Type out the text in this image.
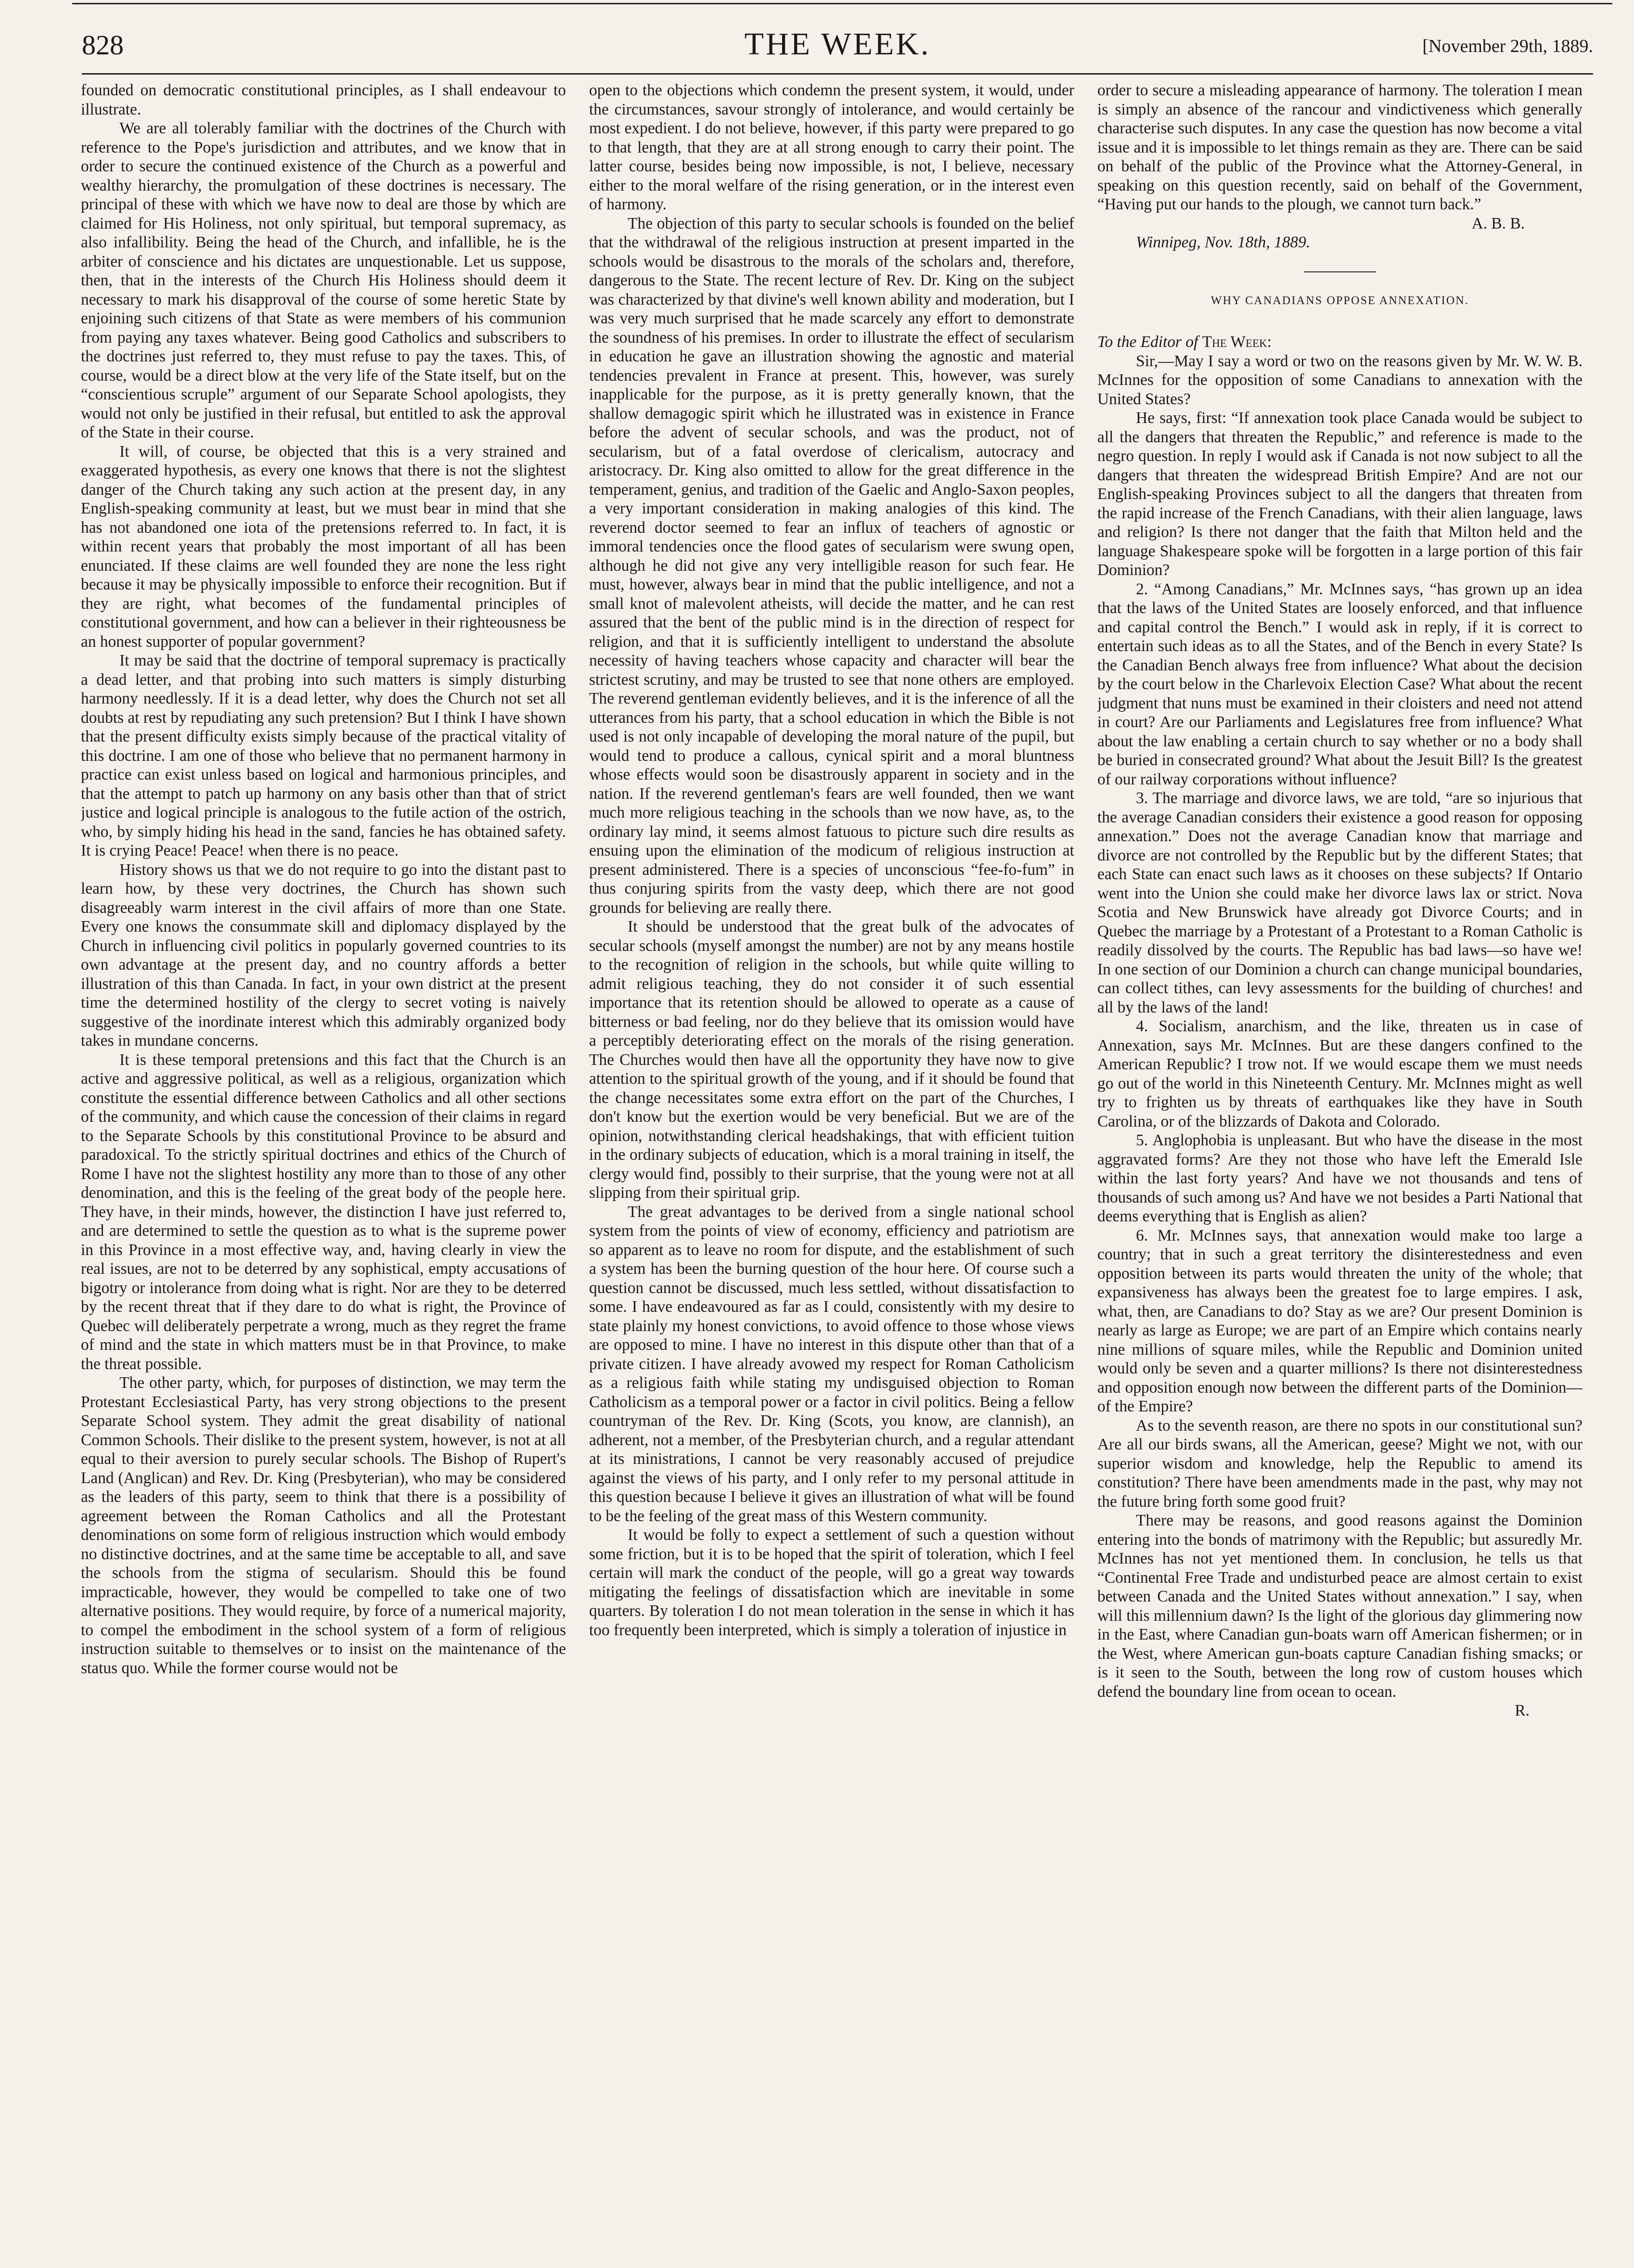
828	THE WEEK.	[November 29th, 1889.

founded on democratic constitutional principles, as I shall endeavour to illustrate.

We are all tolerably familiar with the doctrines of the Church with reference to the Pope's jurisdiction and attributes, and we know that in order to secure the continued existence of the Church as a powerful and wealthy hierarchy, the promulgation of these doctrines is necessary. The principal of these with which we have now to deal are those by which are claimed for His Holiness, not only spiritual, but temporal supremacy, as also infallibility. Being the head of the Church, and infallible, he is the arbiter of conscience and his dictates are unquestionable. Let us suppose, then, that in the interests of the Church His Holiness should deem it necessary to mark his disapproval of the course of some heretic State by enjoining such citizens of that State as were members of his communion from paying any taxes whatever. Being good Catholics and subscribers to the doctrines just referred to, they must refuse to pay the taxes. This, of course, would be a direct blow at the very life of the State itself, but on the “conscientious scruple” argument of our Separate School apologists, they would not only be justified in their refusal, but entitled to ask the approval of the State in their course.

It will, of course, be objected that this is a very strained and exaggerated hypothesis, as every one knows that there is not the slightest danger of the Church taking any such action at the present day, in any English-speaking community at least, but we must bear in mind that she has not abandoned one iota of the pretensions referred to. In fact, it is within recent years that probably the most important of all has been enunciated. If these claims are well founded they are none the less right because it may be physically impossible to enforce their recognition. But if they are right, what becomes of the fundamental principles of constitutional government, and how can a believer in their righteousness be an honest supporter of popular government?

It may be said that the doctrine of temporal supremacy is practically a dead letter, and that probing into such matters is simply disturbing harmony needlessly. If it is a dead letter, why does the Church not set all doubts at rest by repudiating any such pretension? But I think I have shown that the present difficulty exists simply because of the practical vitality of this doctrine. I am one of those who believe that no permanent harmony in practice can exist unless based on logical and harmonious principles, and that the attempt to patch up harmony on any basis other than that of strict justice and logical principle is analogous to the futile action of the ostrich, who, by simply hiding his head in the sand, fancies he has obtained safety. It is crying Peace! Peace! when there is no peace.

History shows us that we do not require to go into the distant past to learn how, by these very doctrines, the Church has shown such disagreeably warm interest in the civil affairs of more than one State. Every one knows the consummate skill and diplomacy displayed by the Church in influencing civil politics in popularly governed countries to its own advantage at the present day, and no country affords a better illustration of this than Canada. In fact, in your own district at the present time the determined hostility of the clergy to secret voting is naively suggestive of the inordinate interest which this admirably organized body takes in mundane concerns.

It is these temporal pretensions and this fact that the Church is an active and aggressive political, as well as a religious, organization which constitute the essential difference between Catholics and all other sections of the community, and which cause the concession of their claims in regard to the Separate Schools by this constitutional Province to be absurd and paradoxical. To the strictly spiritual doctrines and ethics of the Church of Rome I have not the slightest hostility any more than to those of any other denomination, and this is the feeling of the great body of the people here. They have, in their minds, however, the distinction I have just referred to, and are determined to settle the question as to what is the supreme power in this Province in a most effective way, and, having clearly in view the real issues, are not to be deterred by any sophistical, empty accusations of bigotry or intolerance from doing what is right. Nor are they to be deterred by the recent threat that if they dare to do what is right, the Province of Quebec will deliberately perpetrate a wrong, much as they regret the frame of mind and the state in which matters must be in that Province, to make the threat possible.

The other party, which, for purposes of distinction, we may term the Protestant Ecclesiastical Party, has very strong objections to the present Separate School system. They admit the great disability of national Common Schools. Their dislike to the present system, however, is not at all equal to their aversion to purely secular schools. The Bishop of Rupert's Land (Anglican) and Rev. Dr. King (Presbyterian), who may be considered as the leaders of this party, seem to think that there is a possibility of agreement between the Roman Catholics and all the Protestant denominations on some form of religious instruction which would embody no distinctive doctrines, and at the same time be acceptable to all, and save the schools from the stigma of secularism. Should this be found impracticable, however, they would be compelled to take one of two alternative positions. They would require, by force of a numerical majority, to compel the embodiment in the school system of a form of religious instruction suitable to themselves or to insist on the maintenance of the status quo. While the former course would not be

open to the objections which condemn the present system, it would, under the circumstances, savour strongly of intolerance, and would certainly be most expedient. I do not believe, however, if this party were prepared to go to that length, that they are at all strong enough to carry their point. The latter course, besides being now impossible, is not, I believe, necessary either to the moral welfare of the rising generation, or in the interest even of harmony.

The objection of this party to secular schools is founded on the belief that the withdrawal of the religious instruction at present imparted in the schools would be disastrous to the morals of the scholars and, therefore, dangerous to the State. The recent lecture of Rev. Dr. King on the subject was characterized by that divine's well known ability and moderation, but I was very much surprised that he made scarcely any effort to demonstrate the soundness of his premises. In order to illustrate the effect of secularism in education he gave an illustration showing the agnostic and material tendencies prevalent in France at present. This, however, was surely inapplicable for the purpose, as it is pretty generally known, that the shallow demagogic spirit which he illustrated was in existence in France before the advent of secular schools, and was the product, not of secularism, but of a fatal overdose of clericalism, autocracy and aristocracy. Dr. King also omitted to allow for the great difference in the temperament, genius, and tradition of the Gaelic and Anglo-Saxon peoples, a very important consideration in making analogies of this kind. The reverend doctor seemed to fear an influx of teachers of agnostic or immoral tendencies once the flood gates of secularism were swung open, although he did not give any very intelligible reason for such fear. He must, however, always bear in mind that the public intelligence, and not a small knot of malevolent atheists, will decide the matter, and he can rest assured that the bent of the public mind is in the direction of respect for religion, and that it is sufficiently intelligent to understand the absolute necessity of having teachers whose capacity and character will bear the strictest scrutiny, and may be trusted to see that none others are employed. The reverend gentleman evidently believes, and it is the inference of all the utterances from his party, that a school education in which the Bible is not used is not only incapable of developing the moral nature of the pupil, but would tend to produce a callous, cynical spirit and a moral bluntness whose effects would soon be disastrously apparent in society and in the nation. If the reverend gentleman's fears are well founded, then we want much more religious teaching in the schools than we now have, as, to the ordinary lay mind, it seems almost fatuous to picture such dire results as ensuing upon the elimination of the modicum of religious instruction at present administered. There is a species of unconscious “fee-fo-fum” in thus conjuring spirits from the vasty deep, which there are not good grounds for believing are really there.

It should be understood that the great bulk of the advocates of secular schools (myself amongst the number) are not by any means hostile to the recognition of religion in the schools, but while quite willing to admit religious teaching, they do not consider it of such essential importance that its retention should be allowed to operate as a cause of bitterness or bad feeling, nor do they believe that its omission would have a perceptibly deteriorating effect on the morals of the rising generation. The Churches would then have all the opportunity they have now to give attention to the spiritual growth of the young, and if it should be found that the change necessitates some extra effort on the part of the Churches, I don't know but the exertion would be very beneficial. But we are of the opinion, notwithstanding clerical headshakings, that with efficient tuition in the ordinary subjects of education, which is a moral training in itself, the clergy would find, possibly to their surprise, that the young were not at all slipping from their spiritual grip.

The great advantages to be derived from a single national school system from the points of view of economy, efficiency and patriotism are so apparent as to leave no room for dispute, and the establishment of such a system has been the burning question of the hour here. Of course such a question cannot be discussed, much less settled, without dissatisfaction to some. I have endeavoured as far as I could, consistently with my desire to state plainly my honest convictions, to avoid offence to those whose views are opposed to mine. I have no interest in this dispute other than that of a private citizen. I have already avowed my respect for Roman Catholicism as a religious faith while stating my undisguised objection to Roman Catholicism as a temporal power or a factor in civil politics. Being a fellow countryman of the Rev. Dr. King (Scots, you know, are clannish), an adherent, not a member, of the Presbyterian church, and a regular attendant at its ministrations, I cannot be very reasonably accused of prejudice against the views of his party, and I only refer to my personal attitude in this question because I believe it gives an illustration of what will be found to be the feeling of the great mass of this Western community.

It would be folly to expect a settlement of such a question without some friction, but it is to be hoped that the spirit of toleration, which I feel certain will mark the conduct of the people, will go a great way towards mitigating the feelings of dissatisfaction which are inevitable in some quarters. By toleration I do not mean toleration in the sense in which it has too frequently been interpreted, which is simply a toleration of injustice in

order to secure a misleading appearance of harmony. The toleration I mean is simply an absence of the rancour and vindictiveness which generally characterise such disputes. In any case the question has now become a vital issue and it is impossible to let things remain as they are. There can be said on behalf of the public of the Province what the Attorney-General, in speaking on this question recently, said on behalf of the Government, “Having put our hands to the plough, we cannot turn back.”

A. B. B.

Winnipeg, Nov. 18th, 1889.

WHY CANADIANS OPPOSE ANNEXATION.

To the Editor of The Week:

Sir,—May I say a word or two on the reasons given by Mr. W. W. B. McInnes for the opposition of some Canadians to annexation with the United States?

He says, first: “If annexation took place Canada would be subject to all the dangers that threaten the Republic,” and reference is made to the negro question. In reply I would ask if Canada is not now subject to all the dangers that threaten the widespread British Empire? And are not our English-speaking Provinces subject to all the dangers that threaten from the rapid increase of the French Canadians, with their alien language, laws and religion? Is there not danger that the faith that Milton held and the language Shakespeare spoke will be forgotten in a large portion of this fair Dominion?

2. “Among Canadians,” Mr. McInnes says, “has grown up an idea that the laws of the United States are loosely enforced, and that influence and capital control the Bench.” I would ask in reply, if it is correct to entertain such ideas as to all the States, and of the Bench in every State? Is the Canadian Bench always free from influence? What about the decision by the court below in the Charlevoix Election Case? What about the recent judgment that nuns must be examined in their cloisters and need not attend in court? Are our Parliaments and Legislatures free from influence? What about the law enabling a certain church to say whether or no a body shall be buried in consecrated ground? What about the Jesuit Bill? Is the greatest of our railway corporations without influence?

3. The marriage and divorce laws, we are told, “are so injurious that the average Canadian considers their existence a good reason for opposing annexation.” Does not the average Canadian know that marriage and divorce are not controlled by the Republic but by the different States; that each State can enact such laws as it chooses on these subjects? If Ontario went into the Union she could make her divorce laws lax or strict. Nova Scotia and New Brunswick have already got Divorce Courts; and in Quebec the marriage by a Protestant of a Protestant to a Roman Catholic is readily dissolved by the courts. The Republic has bad laws—so have we! In one section of our Dominion a church can change municipal boundaries, can collect tithes, can levy assessments for the building of churches! and all by the laws of the land!

4. Socialism, anarchism, and the like, threaten us in case of Annexation, says Mr. McInnes. But are these dangers confined to the American Republic? I trow not. If we would escape them we must needs go out of the world in this Nineteenth Century. Mr. McInnes might as well try to frighten us by threats of earthquakes like they have in South Carolina, or of the blizzards of Dakota and Colorado.

5. Anglophobia is unpleasant. But who have the disease in the most aggravated forms? Are they not those who have left the Emerald Isle within the last forty years? And have we not thousands and tens of thousands of such among us? And have we not besides a Parti National that deems everything that is English as alien?

6. Mr. McInnes says, that annexation would make too large a country; that in such a great territory the disinterestedness and even opposition between its parts would threaten the unity of the whole; that expansiveness has always been the greatest foe to large empires. I ask, what, then, are Canadians to do? Stay as we are? Our present Dominion is nearly as large as Europe; we are part of an Empire which contains nearly nine millions of square miles, while the Republic and Dominion united would only be seven and a quarter millions? Is there not disinterestedness and opposition enough now between the different parts of the Dominion—of the Empire?

As to the seventh reason, are there no spots in our constitutional sun? Are all our birds swans, all the American, geese? Might we not, with our superior wisdom and knowledge, help the Republic to amend its constitution? There have been amendments made in the past, why may not the future bring forth some good fruit?

There may be reasons, and good reasons against the Dominion entering into the bonds of matrimony with the Republic; but assuredly Mr. McInnes has not yet mentioned them. In conclusion, he tells us that “Continental Free Trade and undisturbed peace are almost certain to exist between Canada and the United States without annexation.” I say, when will this millennium dawn? Is the light of the glorious day glimmering now in the East, where Canadian gun-boats warn off American fishermen; or in the West, where American gun-boats capture Canadian fishing smacks; or is it seen to the South, between the long row of custom houses which defend the boundary line from ocean to ocean.

R.
